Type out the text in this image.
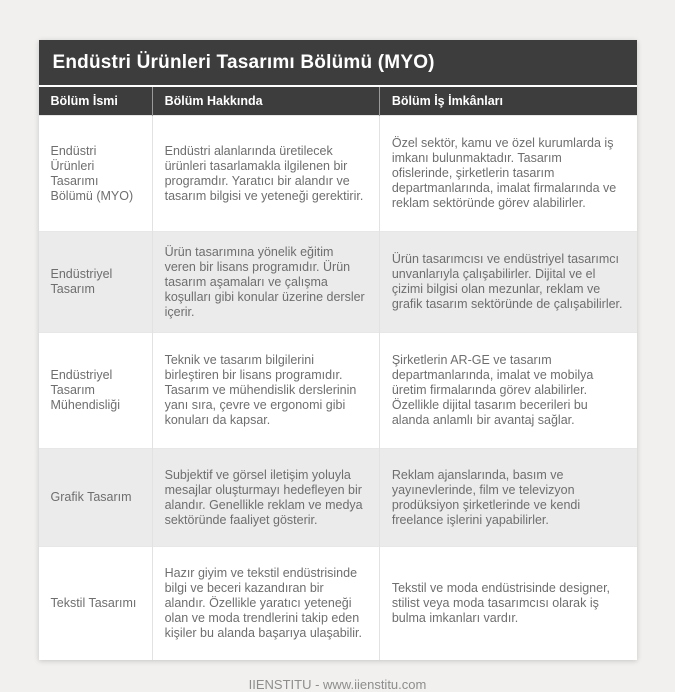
Endüstri Ürünleri Tasarımı Bölümü (MYO)
Bölüm İsmi	Bölüm Hakkında	Bölüm İş İmkânları
Endüstri Ürünleri Tasarımı Bölümü (MYO)	Endüstri alanlarında üretilecek ürünleri tasarlamakla ilgilenen bir programdır. Yaratıcı bir alandır ve tasarım bilgisi ve yeteneği gerektirir.	Özel sektör, kamu ve özel kurumlarda iş imkanı bulunmaktadır. Tasarım ofislerinde, şirketlerin tasarım departmanlarında, imalat firmalarında ve reklam sektöründe görev alabilirler.
Endüstriyel Tasarım	Ürün tasarımına yönelik eğitim veren bir lisans programıdır. Ürün tasarım aşamaları ve çalışma koşulları gibi konular üzerine dersler içerir.	Ürün tasarımcısı ve endüstriyel tasarımcı unvanlarıyla çalışabilirler. Dijital ve el çizimi bilgisi olan mezunlar, reklam ve grafik tasarım sektöründe de çalışabilirler.
Endüstriyel Tasarım Mühendisliği	Teknik ve tasarım bilgilerini birleştiren bir lisans programıdır. Tasarım ve mühendislik derslerinin yanı sıra, çevre ve ergonomi gibi konuları da kapsar.	Şirketlerin AR-GE ve tasarım departmanlarında, imalat ve mobilya üretim firmalarında görev alabilirler. Özellikle dijital tasarım becerileri bu alanda anlamlı bir avantaj sağlar.
Grafik Tasarım	Subjektif ve görsel iletişim yoluyla mesajlar oluşturmayı hedefleyen bir alandır. Genellikle reklam ve medya sektöründe faaliyet gösterir.	Reklam ajanslarında, basım ve yayınevlerinde, film ve televizyon prodüksiyon şirketlerinde ve kendi freelance işlerini yapabilirler.
Tekstil Tasarımı	Hazır giyim ve tekstil endüstrisinde bilgi ve beceri kazandıran bir alandır. Özellikle yaratıcı yeteneği olan ve moda trendlerini takip eden kişiler bu alanda başarıya ulaşabilir.	Tekstil ve moda endüstrisinde designer, stilist veya moda tasarımcısı olarak iş bulma imkanları vardır.
IIENSTITU - www.iienstitu.com
